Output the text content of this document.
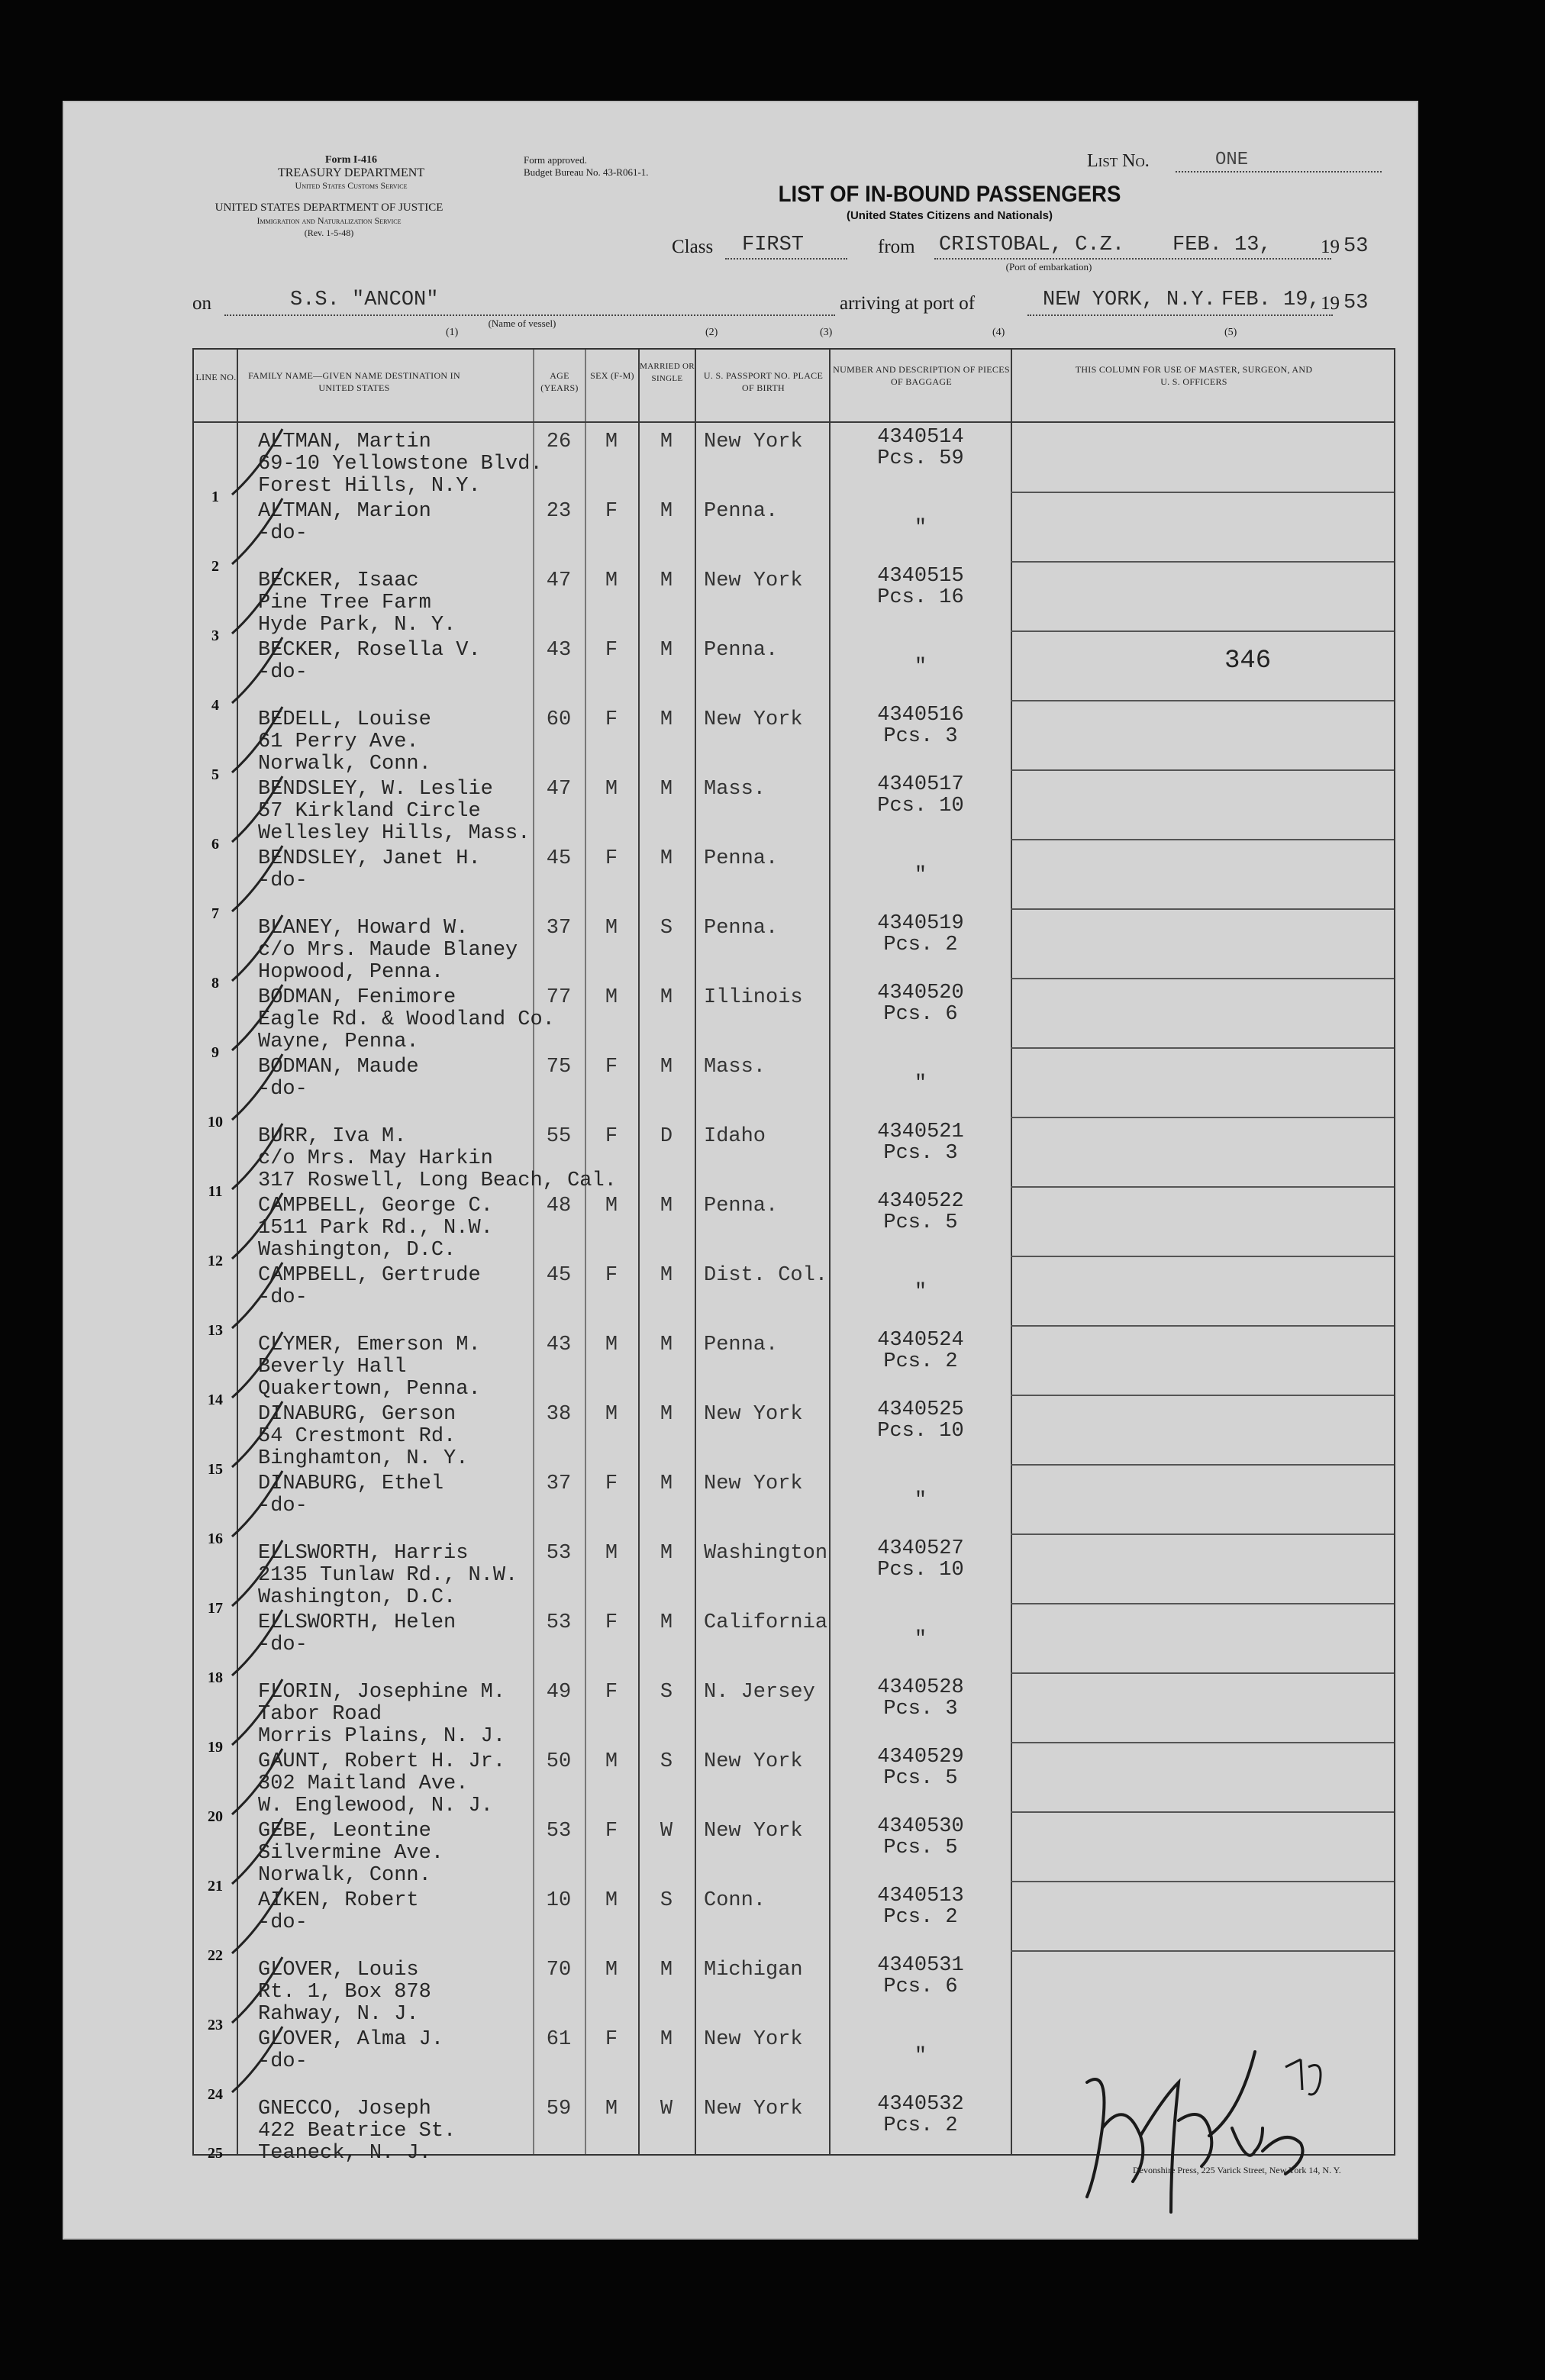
Form I-416
TREASURY DEPARTMENT
United States Customs Service
Form approved.
Budget Bureau No. 43-R061-1.
UNITED STATES DEPARTMENT OF JUSTICE
Immigration and Naturalization Service
(Rev. 1-5-48)
List No.	ONE
LIST OF IN-BOUND PASSENGERS
(United States Citizens and Nationals)
Class FIRST	from CRISTOBAL, C.Z. FEB. 13,	19 53
(Port of embarkation)
on	S.S. "ANCON"
(Name of vessel)
arriving at port of	NEW YORK, N.Y. FEB. 19, 19 53
(1)	(2)	(3)	(4)	(5)
LINE NO.	FAMILY NAME—GIVEN NAME DESTINATION IN UNITED STATES
AGE (YEARS)
SEX (F-M)
MARRIED OR SINGLE	U. S. PASSPORT NO. PLACE OF BIRTH
NUMBER AND DESCRIPTION OF PIECES OF BAGGAGE
THIS COLUMN FOR USE OF MASTER, SURGEON, AND U. S. OFFICERS
1
ALTMAN, Martin
69-10 Yellowstone Blvd.
Forest Hills, N.Y.
26	M	M	New York	4340514
Pcs. 59
2
ALTMAN, Marion
-do-
23	F	M	Penna.
"
3
BECKER, Isaac
Pine Tree Farm
Hyde Park, N. Y.
47	M	M	New York	4340515
Pcs. 16
4
BECKER, Rosella V.
-do-
43	F	M	Penna.
"	346
5
BEDELL, Louise
61 Perry Ave.
Norwalk, Conn.
60	F	M	New York	4340516
Pcs. 3
6
BENDSLEY, W. Leslie
57 Kirkland Circle
Wellesley Hills, Mass.
47	M	M	Mass.	4340517
Pcs. 10
7
BENDSLEY, Janet H.
-do-
45	F	M	Penna.
"
8
BLANEY, Howard W.
c/o Mrs. Maude Blaney
Hopwood, Penna.
37	M	S	Penna.	4340519
Pcs. 2
9
BODMAN, Fenimore
Eagle Rd. & Woodland Co.
Wayne, Penna.
77	M	M	Illinois	4340520
Pcs. 6
10
BODMAN, Maude
-do-
75	F	M	Mass.
"
11
BURR, Iva M.
c/o Mrs. May Harkin
317 Roswell, Long Beach, Cal.
55	F	D	Idaho	4340521
Pcs. 3
12
CAMPBELL, George C.
1511 Park Rd., N.W.
Washington, D.C.
48	M	M	Penna.	4340522
Pcs. 5
13
CAMPBELL, Gertrude
-do-
45	F	M	Dist. Col.
"
14
CLYMER, Emerson M.
Beverly Hall
Quakertown, Penna.
43	M	M	Penna.	4340524
Pcs. 2
15
DINABURG, Gerson
54 Crestmont Rd.
Binghamton, N. Y.
38	M	M	New York	4340525
Pcs. 10
16
DINABURG, Ethel
-do-
37	F	M	New York
"
17
ELLSWORTH, Harris
2135 Tunlaw Rd., N.W.
Washington, D.C.
53	M	M	Washington	4340527
Pcs. 10
18
ELLSWORTH, Helen
-do-
53	F	M	California
"
19
FLORIN, Josephine M.
Tabor Road
Morris Plains, N. J.
49	F	S	N. Jersey	4340528
Pcs. 3
20
GAUNT, Robert H. Jr.
302 Maitland Ave.
W. Englewood, N. J.
50	M	S	New York	4340529
Pcs. 5
21
GEBE, Leontine
Silvermine Ave.
Norwalk, Conn.
53	F	W	New York	4340530
Pcs. 5
22
AIKEN, Robert
-do-
10	M	S	Conn.	4340513
Pcs. 2
23
GLOVER, Louis
Rt. 1, Box 878
Rahway, N. J.
70	M	M	Michigan	4340531
Pcs. 6
24
GLOVER, Alma J.
-do-
61	F	M	New York
"
25
GNECCO, Joseph
422 Beatrice St.
Teaneck, N. J.
59	M	W	New York	4340532
Pcs. 2
Devonshire Press, 225 Varick Street, New York 14, N. Y.
